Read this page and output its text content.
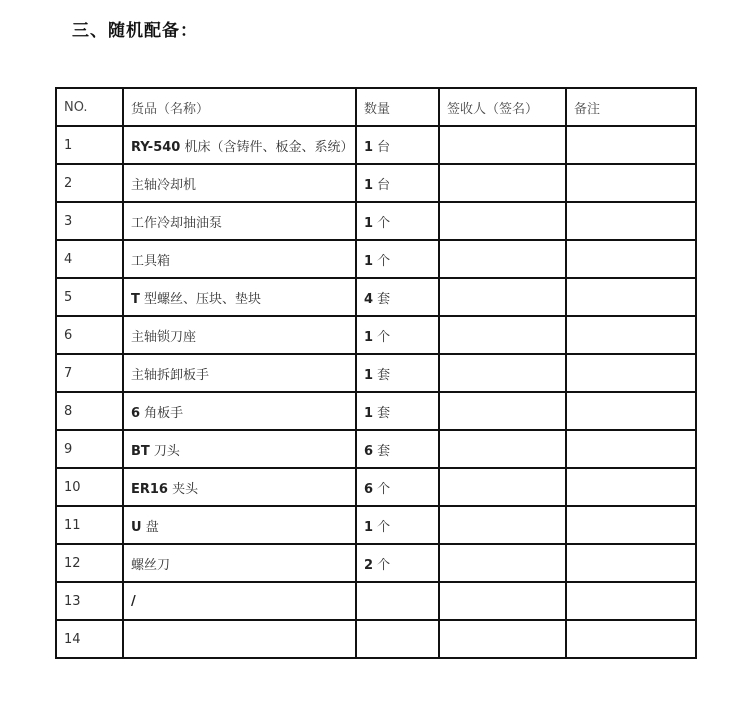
三、随机配备：
NO.	货品（名称）	数量	签收人（签名）	备注
1	RY-540 机床（含铸件、板金、系统）	1 台		
2	主轴冷却机	1 台		
3	工作冷却抽油泵	1 个		
4	工具箱	1 个		
5	T 型螺丝、压块、垫块	4 套		
6	主轴锁刀座	1 个		
7	主轴拆卸板手	1 套		
8	6 角板手	1 套		
9	BT 刀头	6 套		
10	ER16 夹头	6 个		
11	U 盘	1 个		
12	螺丝刀	2 个		
13	/			
14				
